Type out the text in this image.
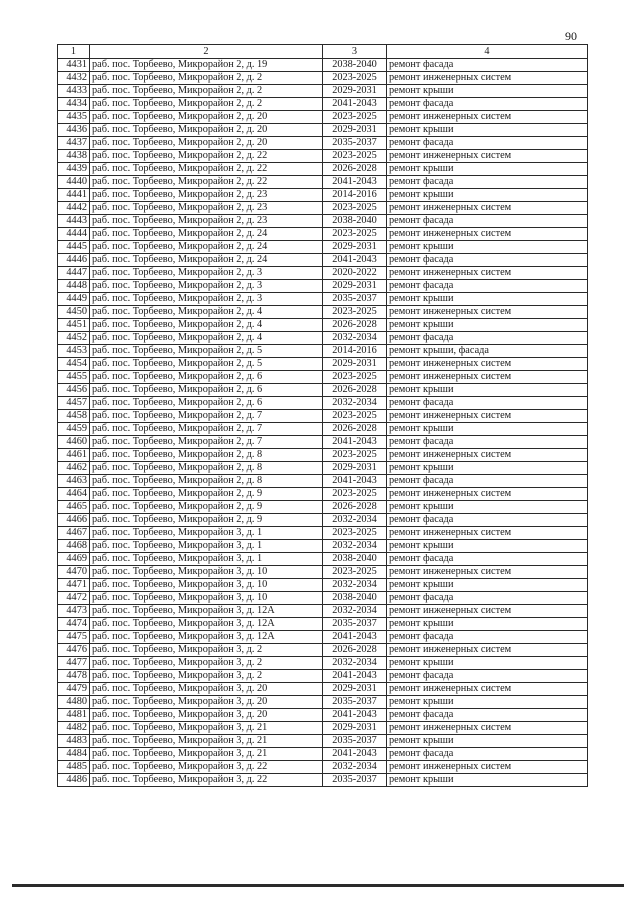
90
1	2	3	4
4431	раб. пос. Торбеево, Микрорайон 2, д. 19	2038-2040	ремонт фасада
4432	раб. пос. Торбеево, Микрорайон 2, д. 2	2023-2025	ремонт инженерных систем
4433	раб. пос. Торбеево, Микрорайон 2, д. 2	2029-2031	ремонт крыши
4434	раб. пос. Торбеево, Микрорайон 2, д. 2	2041-2043	ремонт фасада
4435	раб. пос. Торбеево, Микрорайон 2, д. 20	2023-2025	ремонт инженерных систем
4436	раб. пос. Торбеево, Микрорайон 2, д. 20	2029-2031	ремонт крыши
4437	раб. пос. Торбеево, Микрорайон 2, д. 20	2035-2037	ремонт фасада
4438	раб. пос. Торбеево, Микрорайон 2, д. 22	2023-2025	ремонт инженерных систем
4439	раб. пос. Торбеево, Микрорайон 2, д. 22	2026-2028	ремонт крыши
4440	раб. пос. Торбеево, Микрорайон 2, д. 22	2041-2043	ремонт фасада
4441	раб. пос. Торбеево, Микрорайон 2, д. 23	2014-2016	ремонт крыши
4442	раб. пос. Торбеево, Микрорайон 2, д. 23	2023-2025	ремонт инженерных систем
4443	раб. пос. Торбеево, Микрорайон 2, д. 23	2038-2040	ремонт фасада
4444	раб. пос. Торбеево, Микрорайон 2, д. 24	2023-2025	ремонт инженерных систем
4445	раб. пос. Торбеево, Микрорайон 2, д. 24	2029-2031	ремонт крыши
4446	раб. пос. Торбеево, Микрорайон 2, д. 24	2041-2043	ремонт фасада
4447	раб. пос. Торбеево, Микрорайон 2, д. 3	2020-2022	ремонт инженерных систем
4448	раб. пос. Торбеево, Микрорайон 2, д. 3	2029-2031	ремонт фасада
4449	раб. пос. Торбеево, Микрорайон 2, д. 3	2035-2037	ремонт крыши
4450	раб. пос. Торбеево, Микрорайон 2, д. 4	2023-2025	ремонт инженерных систем
4451	раб. пос. Торбеево, Микрорайон 2, д. 4	2026-2028	ремонт крыши
4452	раб. пос. Торбеево, Микрорайон 2, д. 4	2032-2034	ремонт фасада
4453	раб. пос. Торбеево, Микрорайон 2, д. 5	2014-2016	ремонт крыши, фасада
4454	раб. пос. Торбеево, Микрорайон 2, д. 5	2029-2031	ремонт инженерных систем
4455	раб. пос. Торбеево, Микрорайон 2, д. 6	2023-2025	ремонт инженерных систем
4456	раб. пос. Торбеево, Микрорайон 2, д. 6	2026-2028	ремонт крыши
4457	раб. пос. Торбеево, Микрорайон 2, д. 6	2032-2034	ремонт фасада
4458	раб. пос. Торбеево, Микрорайон 2, д. 7	2023-2025	ремонт инженерных систем
4459	раб. пос. Торбеево, Микрорайон 2, д. 7	2026-2028	ремонт крыши
4460	раб. пос. Торбеево, Микрорайон 2, д. 7	2041-2043	ремонт фасада
4461	раб. пос. Торбеево, Микрорайон 2, д. 8	2023-2025	ремонт инженерных систем
4462	раб. пос. Торбеево, Микрорайон 2, д. 8	2029-2031	ремонт крыши
4463	раб. пос. Торбеево, Микрорайон 2, д. 8	2041-2043	ремонт фасада
4464	раб. пос. Торбеево, Микрорайон 2, д. 9	2023-2025	ремонт инженерных систем
4465	раб. пос. Торбеево, Микрорайон 2, д. 9	2026-2028	ремонт крыши
4466	раб. пос. Торбеево, Микрорайон 2, д. 9	2032-2034	ремонт фасада
4467	раб. пос. Торбеево, Микрорайон 3, д. 1	2023-2025	ремонт инженерных систем
4468	раб. пос. Торбеево, Микрорайон 3, д. 1	2032-2034	ремонт крыши
4469	раб. пос. Торбеево, Микрорайон 3, д. 1	2038-2040	ремонт фасада
4470	раб. пос. Торбеево, Микрорайон 3, д. 10	2023-2025	ремонт инженерных систем
4471	раб. пос. Торбеево, Микрорайон 3, д. 10	2032-2034	ремонт крыши
4472	раб. пос. Торбеево, Микрорайон 3, д. 10	2038-2040	ремонт фасада
4473	раб. пос. Торбеево, Микрорайон 3, д. 12А	2032-2034	ремонт инженерных систем
4474	раб. пос. Торбеево, Микрорайон 3, д. 12А	2035-2037	ремонт крыши
4475	раб. пос. Торбеево, Микрорайон 3, д. 12А	2041-2043	ремонт фасада
4476	раб. пос. Торбеево, Микрорайон 3, д. 2	2026-2028	ремонт инженерных систем
4477	раб. пос. Торбеево, Микрорайон 3, д. 2	2032-2034	ремонт крыши
4478	раб. пос. Торбеево, Микрорайон 3, д. 2	2041-2043	ремонт фасада
4479	раб. пос. Торбеево, Микрорайон 3, д. 20	2029-2031	ремонт инженерных систем
4480	раб. пос. Торбеево, Микрорайон 3, д. 20	2035-2037	ремонт крыши
4481	раб. пос. Торбеево, Микрорайон 3, д. 20	2041-2043	ремонт фасада
4482	раб. пос. Торбеево, Микрорайон 3, д. 21	2029-2031	ремонт инженерных систем
4483	раб. пос. Торбеево, Микрорайон 3, д. 21	2035-2037	ремонт крыши
4484	раб. пос. Торбеево, Микрорайон 3, д. 21	2041-2043	ремонт фасада
4485	раб. пос. Торбеево, Микрорайон 3, д. 22	2032-2034	ремонт инженерных систем
4486	раб. пос. Торбеево, Микрорайон 3, д. 22	2035-2037	ремонт крыши
